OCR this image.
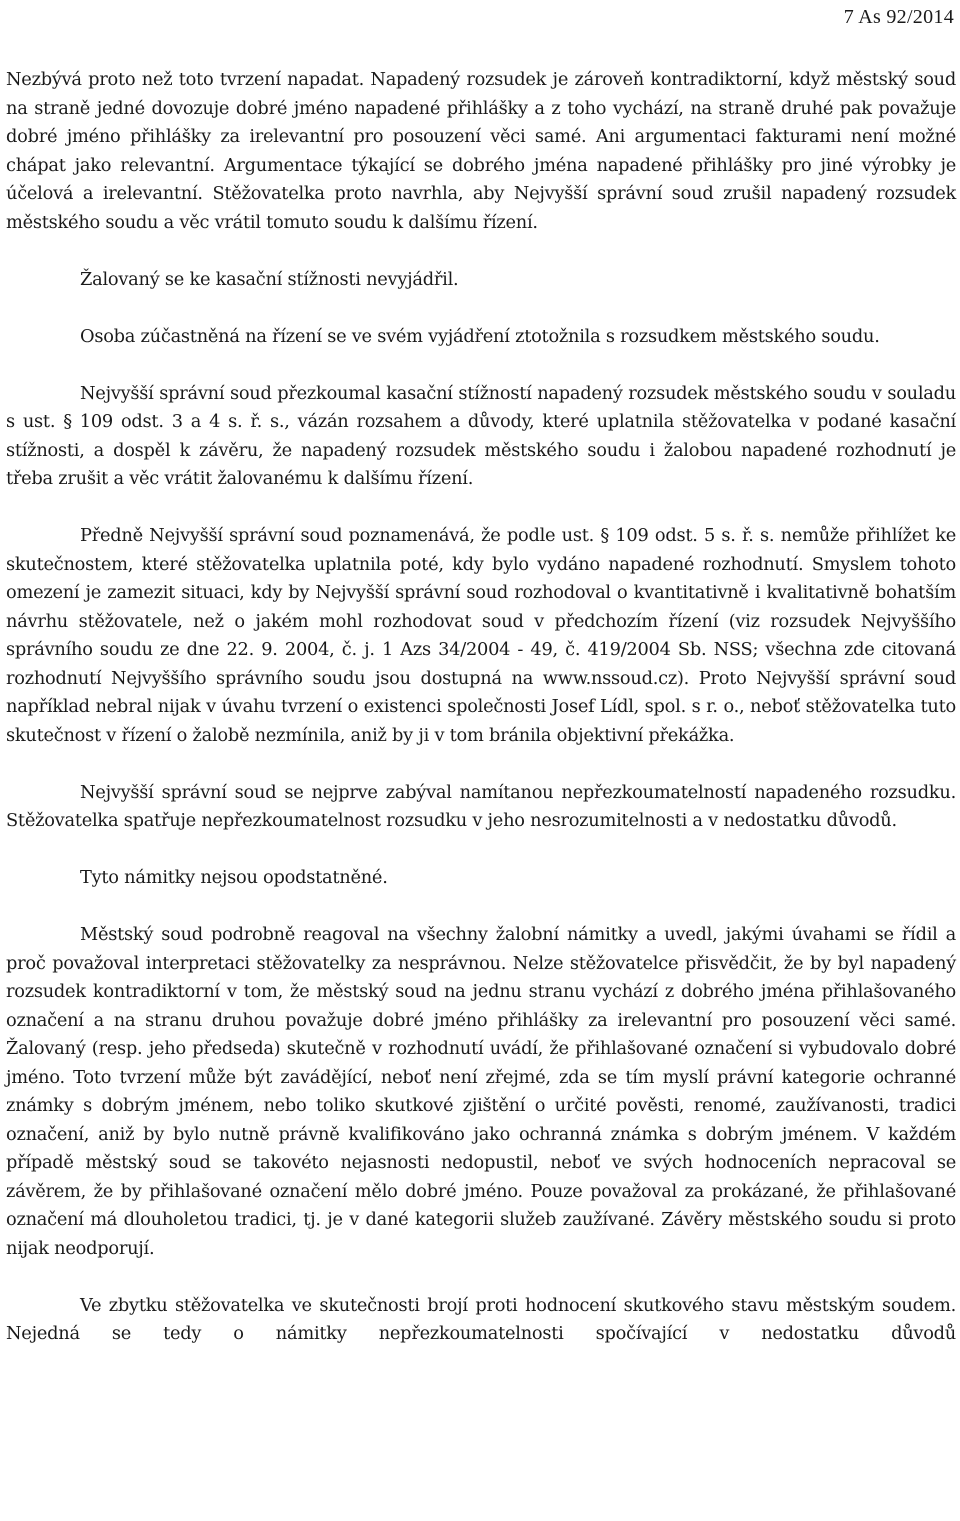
7 As 92/2014

Nezbývá proto než toto tvrzení napadat. Napadený rozsudek je zároveň kontradiktorní, když městský soud na straně jedné dovozuje dobré jméno napadené přihlášky a z toho vychází, na straně druhé pak považuje dobré jméno přihlášky za irelevantní pro posouzení věci samé. Ani argumentaci fakturami není možné chápat jako relevantní. Argumentace týkající se dobrého jména napadené přihlášky pro jiné výrobky je účelová a irelevantní. Stěžovatelka proto navrhla, aby Nejvyšší správní soud zrušil napadený rozsudek městského soudu a věc vrátil tomuto soudu k dalšímu řízení.

Žalovaný se ke kasační stížnosti nevyjádřil.

Osoba zúčastněná na řízení se ve svém vyjádření ztotožnila s rozsudkem městského soudu.

Nejvyšší správní soud přezkoumal kasační stížností napadený rozsudek městského soudu v souladu s ust. § 109 odst. 3 a 4 s. ř. s., vázán rozsahem a důvody, které uplatnila stěžovatelka v podané kasační stížnosti, a dospěl k závěru, že napadený rozsudek městského soudu i žalobou napadené rozhodnutí je třeba zrušit a věc vrátit žalovanému k dalšímu řízení.

Předně Nejvyšší správní soud poznamenává, že podle ust. § 109 odst. 5 s. ř. s. nemůže přihlížet ke skutečnostem, které stěžovatelka uplatnila poté, kdy bylo vydáno napadené rozhodnutí. Smyslem tohoto omezení je zamezit situaci, kdy by Nejvyšší správní soud rozhodoval o kvantitativně i kvalitativně bohatším návrhu stěžovatele, než o jakém mohl rozhodovat soud v předchozím řízení (viz rozsudek Nejvyššího správního soudu ze dne 22. 9. 2004, č. j. 1 Azs 34/2004 - 49, č. 419/2004 Sb. NSS; všechna zde citovaná rozhodnutí Nejvyššího správního soudu jsou dostupná na www.nssoud.cz). Proto Nejvyšší správní soud například nebral nijak v úvahu tvrzení o existenci společnosti Josef Lídl, spol. s r. o., neboť stěžovatelka tuto skutečnost v řízení o žalobě nezmínila, aniž by ji v tom bránila objektivní překážka.

Nejvyšší správní soud se nejprve zabýval namítanou nepřezkoumatelností napadeného rozsudku. Stěžovatelka spatřuje nepřezkoumatelnost rozsudku v jeho nesrozumitelnosti a v nedostatku důvodů.

Tyto námitky nejsou opodstatněné.

Městský soud podrobně reagoval na všechny žalobní námitky a uvedl, jakými úvahami se řídil a proč považoval interpretaci stěžovatelky za nesprávnou. Nelze stěžovatelce přisvědčit, že by byl napadený rozsudek kontradiktorní v tom, že městský soud na jednu stranu vychází z dobrého jména přihlašovaného označení a na stranu druhou považuje dobré jméno přihlášky za irelevantní pro posouzení věci samé. Žalovaný (resp. jeho předseda) skutečně v rozhodnutí uvádí, že přihlašované označení si vybudovalo dobré jméno. Toto tvrzení může být zavádějící, neboť není zřejmé, zda se tím myslí právní kategorie ochranné známky s dobrým jménem, nebo toliko skutkové zjištění o určité pověsti, renomé, zaužívanosti, tradici označení, aniž by bylo nutně právně kvalifikováno jako ochranná známka s dobrým jménem. V každém případě městský soud se takovéto nejasnosti nedopustil, neboť ve svých hodnoceních nepracoval se závěrem, že by přihlašované označení mělo dobré jméno. Pouze považoval za prokázané, že přihlašované označení má dlouholetou tradici, tj. je v dané kategorii služeb zaužívané. Závěry městského soudu si proto nijak neodporují.

Ve zbytku stěžovatelka ve skutečnosti brojí proti hodnocení skutkového stavu městským soudem. Nejedná se tedy o námitky nepřezkoumatelnosti spočívající v nedostatku důvodů
